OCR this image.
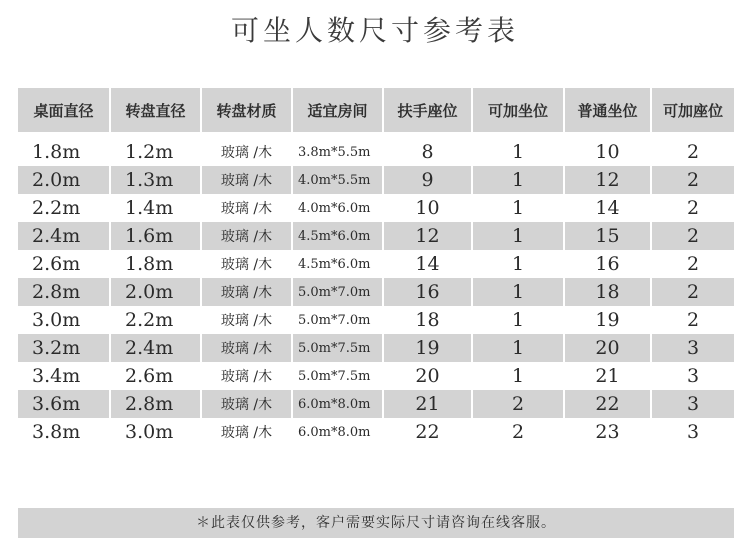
可坐人数尺寸参考表
桌面直径	转盘直径	转盘材质	适宜房间	扶手座位	可加坐位	普通坐位	可加座位

1.8m	1.2m	玻璃 /木	3.8m*5.5m	8	1	10	2
2.0m	1.3m	玻璃 /木	4.0m*5.5m	9	1	12	2
2.2m	1.4m	玻璃 /木	4.0m*6.0m	10	1	14	2
2.4m	1.6m	玻璃 /木	4.5m*6.0m	12	1	15	2
2.6m	1.8m	玻璃 /木	4.5m*6.0m	14	1	16	2
2.8m	2.0m	玻璃 /木	5.0m*7.0m	16	1	18	2
3.0m	2.2m	玻璃 /木	5.0m*7.0m	18	1	19	2
3.2m	2.4m	玻璃 /木	5.0m*7.5m	19	1	20	3
3.4m	2.6m	玻璃 /木	5.0m*7.5m	20	1	21	3
3.6m	2.8m	玻璃 /木	6.0m*8.0m	21	2	22	3
3.8m	3.0m	玻璃 /木	6.0m*8.0m	22	2	23	3
＊此表仅供参考，客户需要实际尺寸请咨询在线客服。
